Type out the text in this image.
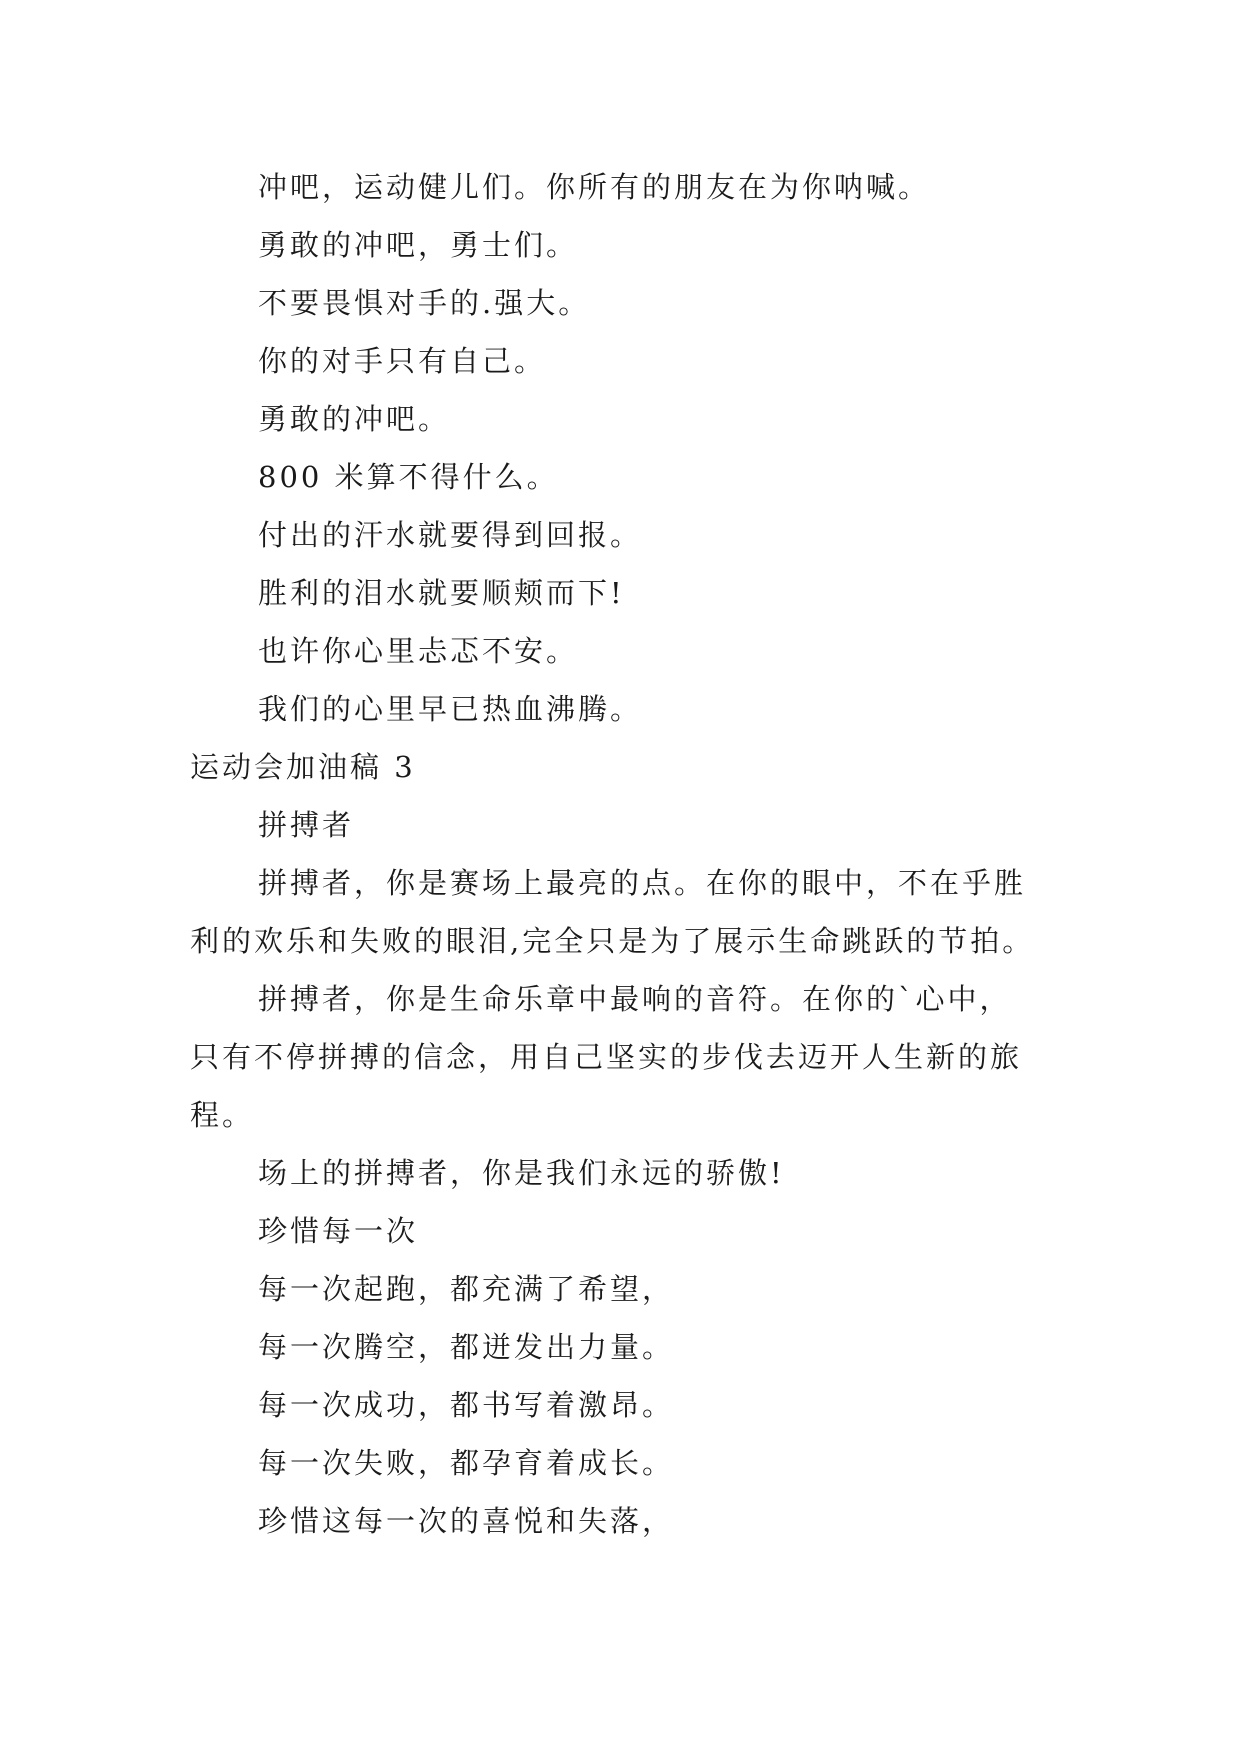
冲吧，运动健儿们。你所有的朋友在为你呐喊。
勇敢的冲吧，勇士们。
不要畏惧对手的.强大。
你的对手只有自己。
勇敢的冲吧。
800 米算不得什么。
付出的汗水就要得到回报。
胜利的泪水就要顺颊而下!
也许你心里忐忑不安。
我们的心里早已热血沸腾。
运动会加油稿 3
拼搏者
拼搏者，你是赛场上最亮的点。在你的眼中，不在乎胜
利的欢乐和失败的眼泪,完全只是为了展示生命跳跃的节拍。
拼搏者，你是生命乐章中最响的音符。在你的`心中，
只有不停拼搏的信念，用自己坚实的步伐去迈开人生新的旅
程。
场上的拼搏者，你是我们永远的骄傲!
珍惜每一次
每一次起跑，都充满了希望，
每一次腾空，都迸发出力量。
每一次成功，都书写着激昂。
每一次失败，都孕育着成长。
珍惜这每一次的喜悦和失落，
